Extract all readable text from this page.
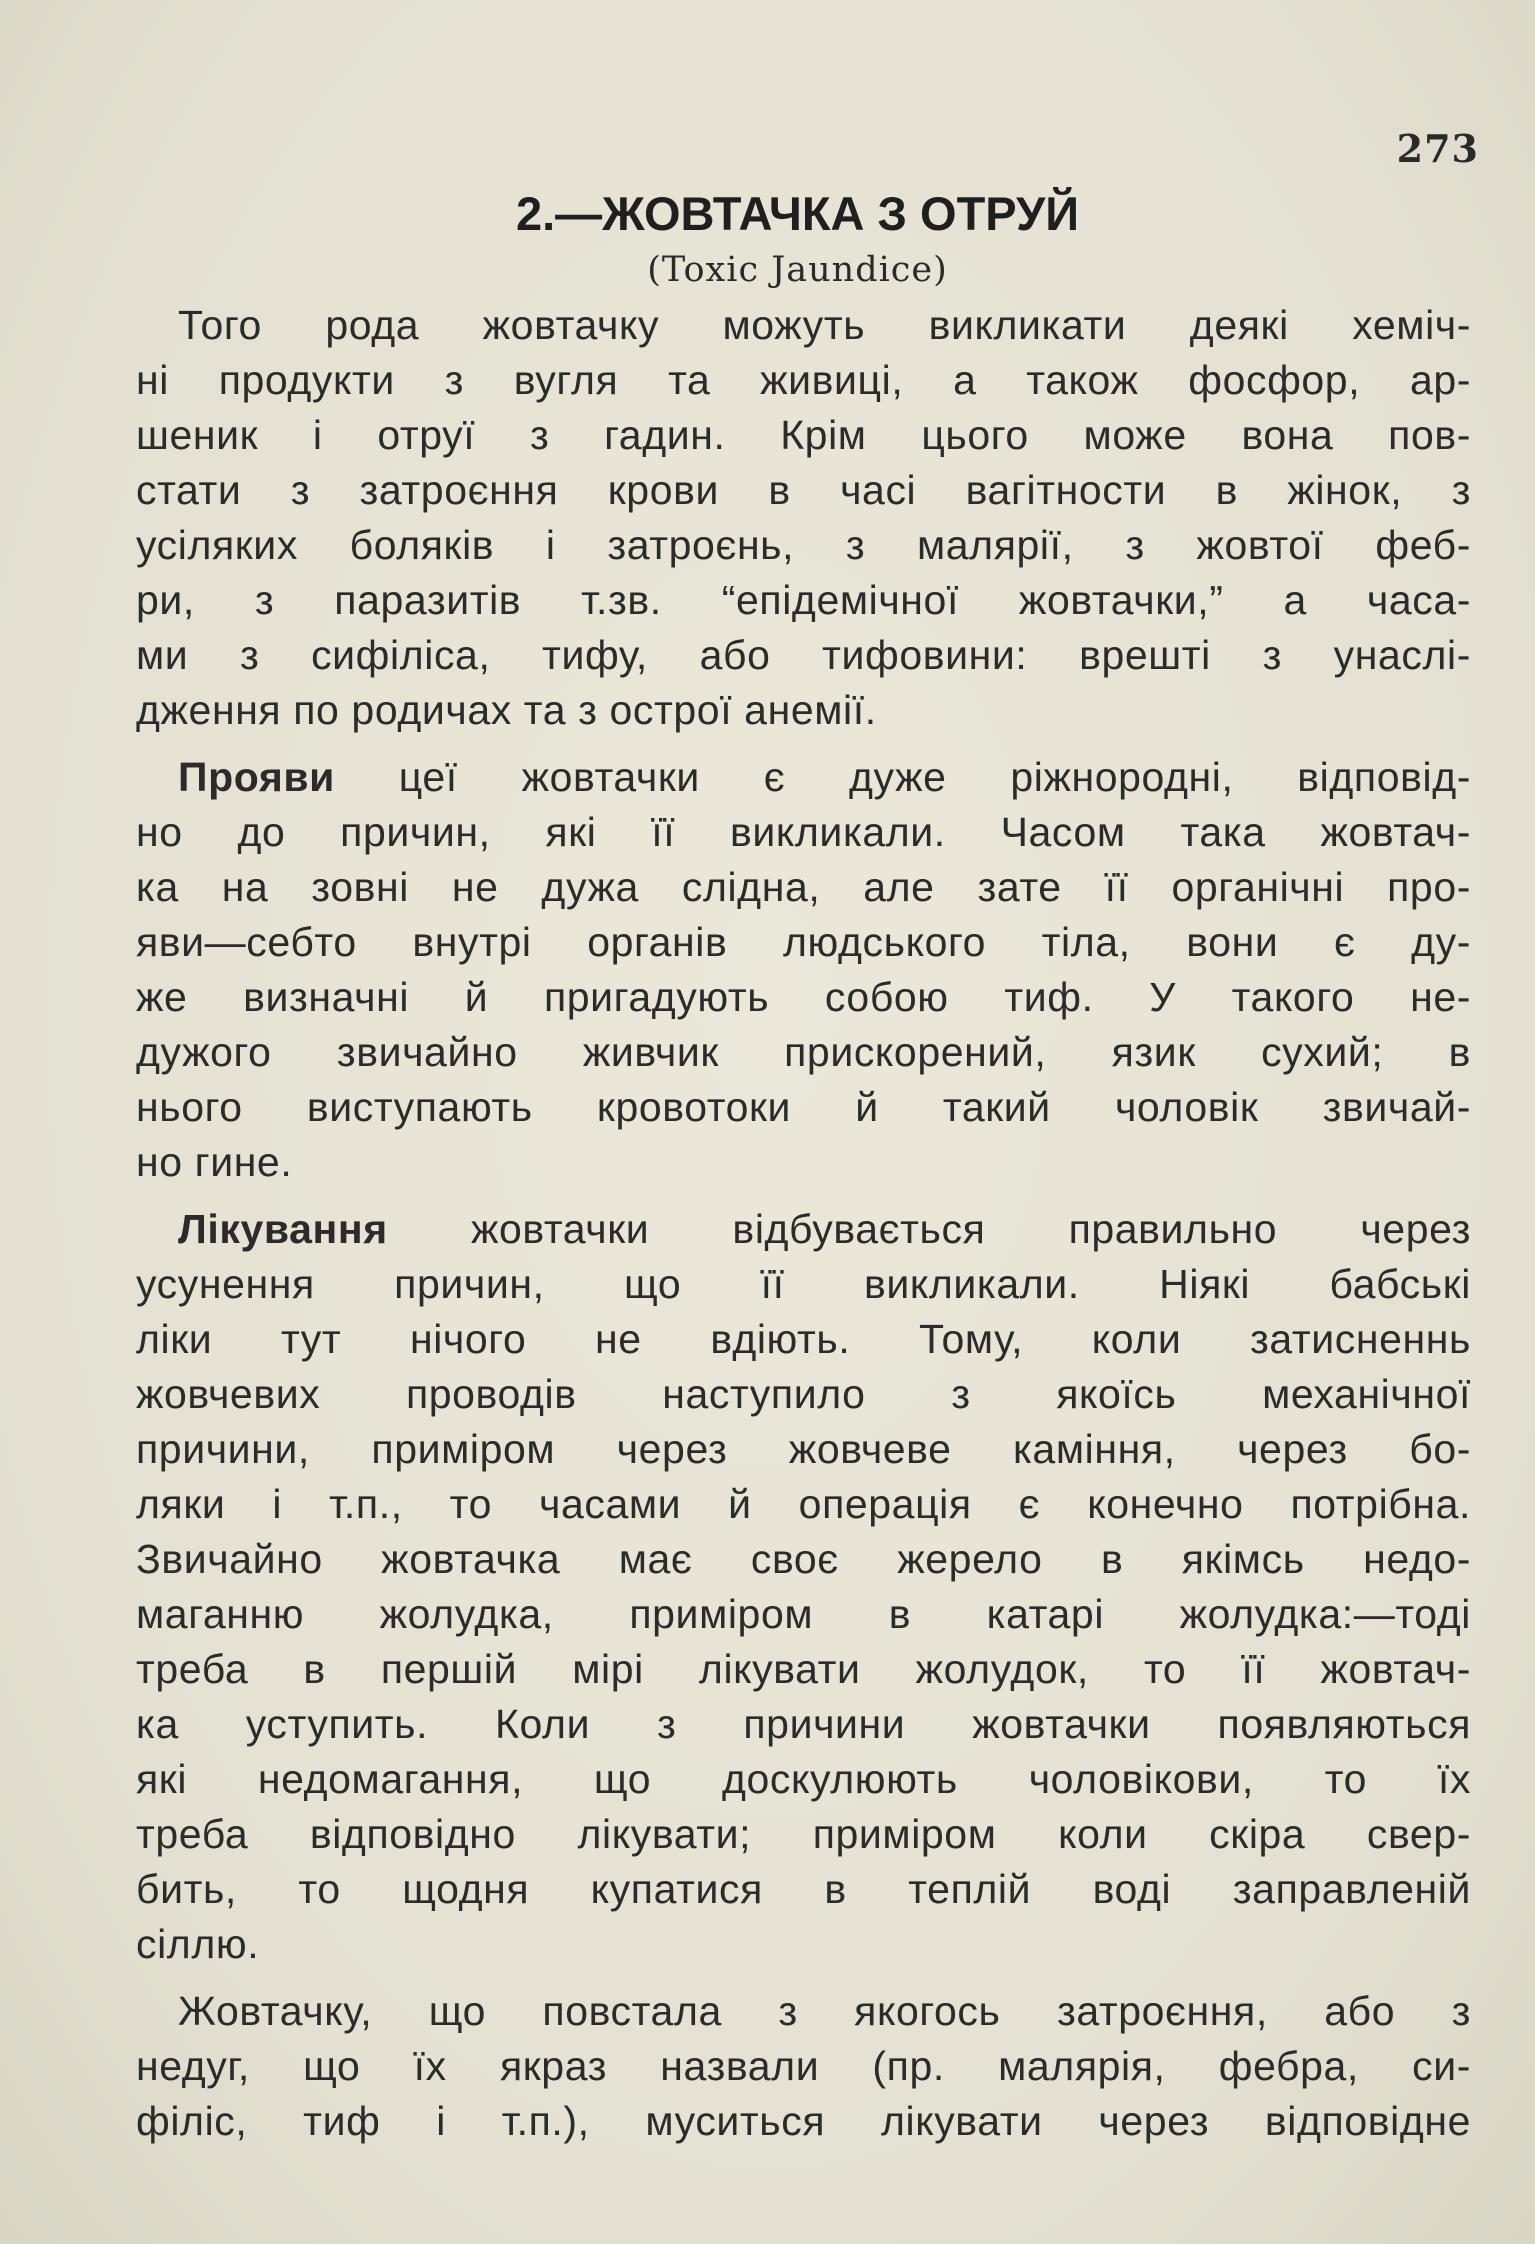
273
2.—ЖОВТАЧКА З ОТРУЙ
(Toxic Jaundice)
Того рода жовтачку можуть викликати деякі хеміч-
ні продукти з вугля та живиці, а також фосфор, ар-
шеник і отруї з гадин. Крім цього може вона пов-
стати з затроєння крови в часі вагітности в жінок, з
усіляких боляків і затроєнь, з малярії, з жовтої феб-
ри, з паразитів т.зв. “епідемічної жовтачки,” а часа-
ми з сифіліса, тифу, або тифовини: врешті з унаслі-
дження по родичах та з острої анемії.
Прояви цеї жовтачки є дуже ріжнородні, відповід-
но до причин, які її викликали. Часом така жовтач-
ка на зовні не дужа слідна, але зате її органічні про-
яви—себто внутрі органів людського тіла, вони є ду-
же визначні й пригадують собою тиф. У такого не-
дужого звичайно живчик прискорений, язик сухий; в
нього виступають кровотоки й такий чоловік звичай-
но гине.
Лікування жовтачки відбувається правильно через
усунення причин, що її викликали. Ніякі бабські
ліки тут нічого не вдіють. Тому, коли затисненнь
жовчевих проводів наступило з якоїсь механічної
причини, приміром через жовчеве каміння, через бо-
ляки і т.п., то часами й операція є конечно потрібна.
Звичайно жовтачка має своє жерело в якімсь недо-
маганню жолудка, приміром в катарі жолудка:—тоді
треба в першій мірі лікувати жолудок, то її жовтач-
ка уступить. Коли з причини жовтачки появляються
які недомагання, що доскулюють чоловікови, то їх
треба відповідно лікувати; приміром коли скіра свер-
бить, то щодня купатися в теплій воді заправленій
сіллю.
Жовтачку, що повстала з якогось затроєння, або з
недуг, що їх якраз назвали (пр. малярія, фебра, си-
філіс, тиф і т.п.), муситься лікувати через відповідне
